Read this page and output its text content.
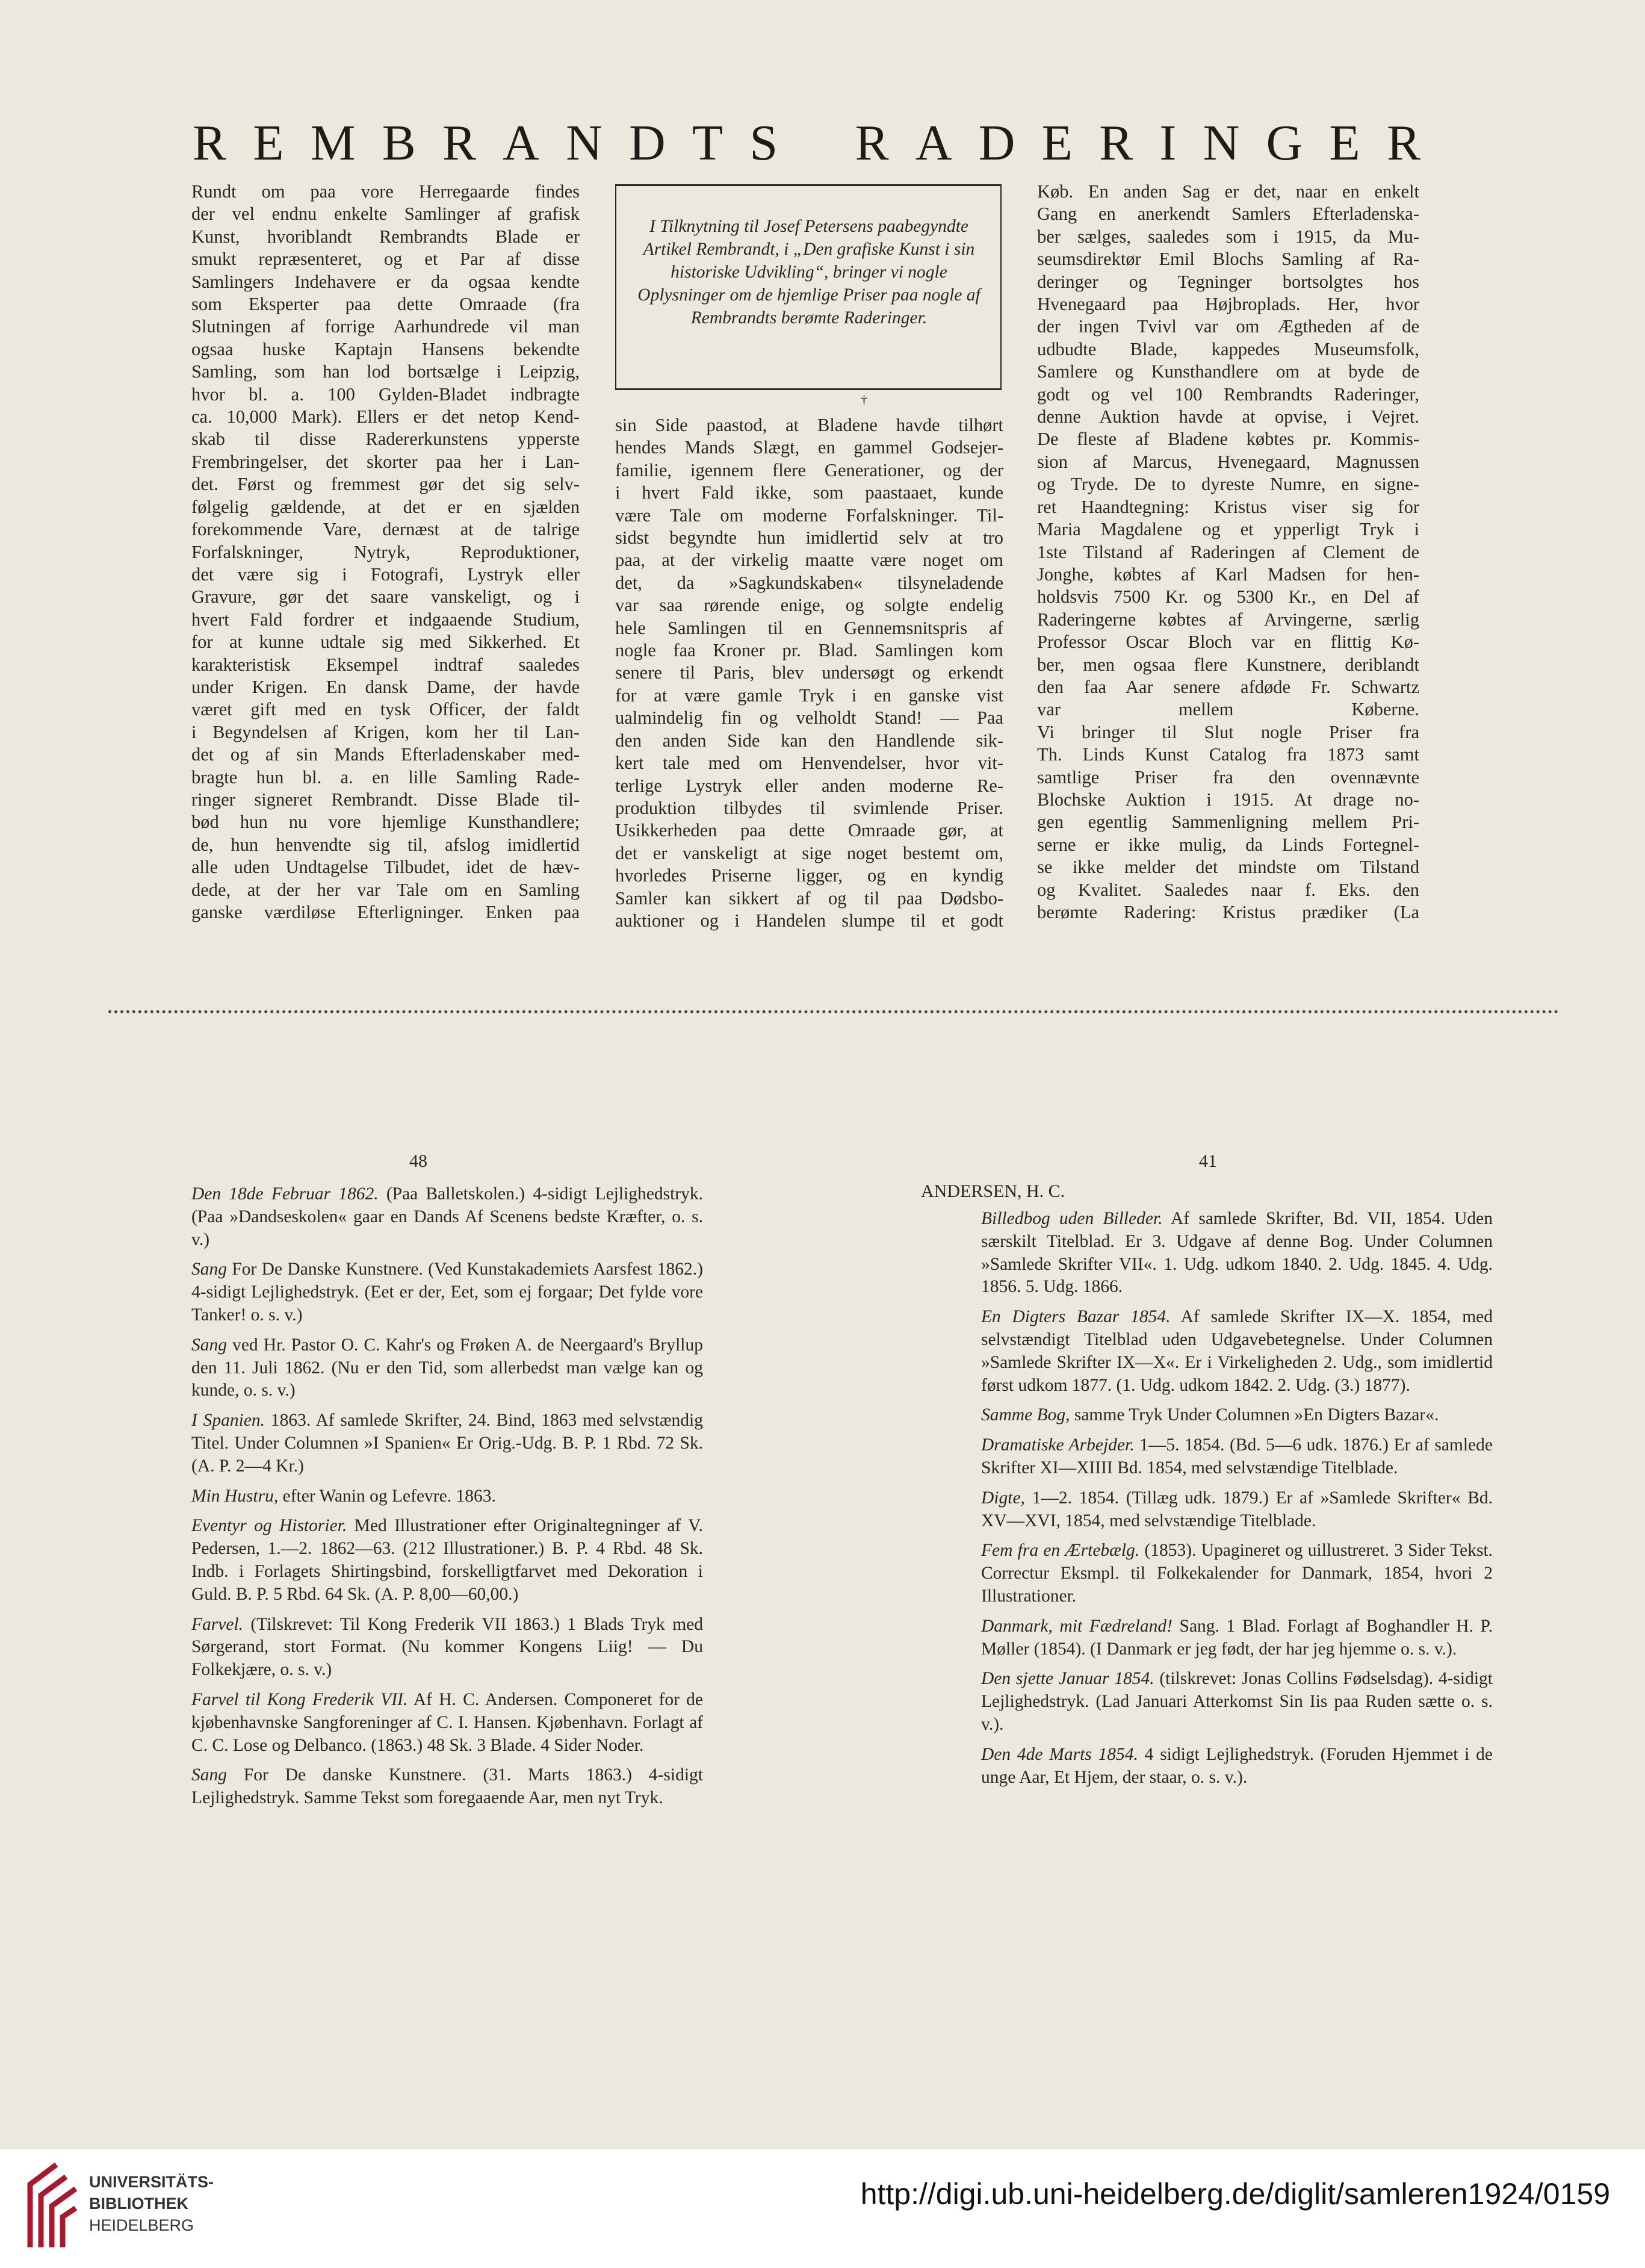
R E M B R A N D T S R A D E R I N G E R

Rundt om paa vore Herregaarde findes

der vel endnu enkelte Samlinger af grafisk

Kunst, hvoriblandt Rembrandts Blade er

smukt repræsenteret, og et Par af disse

Samlingers Indehavere er da ogsaa kendte

som Eksperter paa dette Omraade (fra

Slutningen af forrige Aarhundrede vil man

ogsaa huske Kaptajn Hansens bekendte

Samling, som han lod bortsælge i Leipzig,

hvor bl. a. 100 Gylden-Bladet indbragte

ca. 10,000 Mark). Ellers er det netop Kend-

skab til disse Radererkunstens ypperste

Frembringelser, det skorter paa her i Lan-

det. Først og fremmest gør det sig selv-

følgelig gældende, at det er en sjælden

forekommende Vare, dernæst at de talrige

Forfalskninger, Nytryk, Reproduktioner,

det være sig i Fotografi, Lystryk eller

Gravure, gør det saare vanskeligt, og i

hvert Fald fordrer et indgaaende Studium,

for at kunne udtale sig med Sikkerhed. Et

karakteristisk Eksempel indtraf saaledes

under Krigen. En dansk Dame, der havde

været gift med en tysk Officer, der faldt

i Begyndelsen af Krigen, kom her til Lan-

det og af sin Mands Efterladenskaber med-

bragte hun bl. a. en lille Samling Rade-

ringer signeret Rembrandt. Disse Blade til-

bød hun nu vore hjemlige Kunsthandlere;

de, hun henvendte sig til, afslog imidlertid

alle uden Undtagelse Tilbudet, idet de hæv-

dede, at der her var Tale om en Samling

ganske værdiløse Efterligninger. Enken paa

I Tilknytning til Josef Petersens paabegyndte Artikel Rembrandt, i „Den grafiske Kunst i sin historiske Udvikling“, bringer vi nogle Oplysninger om de hjemlige Priser paa nogle af Rembrandts berømte Raderinger.
†

sin Side paastod, at Bladene havde tilhørt

hendes Mands Slægt, en gammel Godsejer-

familie, igennem flere Generationer, og der

i hvert Fald ikke, som paastaaet, kunde

være Tale om moderne Forfalskninger. Til-

sidst begyndte hun imidlertid selv at tro

paa, at der virkelig maatte være noget om

det, da »Sagkundskaben« tilsyneladende

var saa rørende enige, og solgte endelig

hele Samlingen til en Gennemsnitspris af

nogle faa Kroner pr. Blad. Samlingen kom

senere til Paris, blev undersøgt og erkendt

for at være gamle Tryk i en ganske vist

ualmindelig fin og velholdt Stand! — Paa

den anden Side kan den Handlende sik-

kert tale med om Henvendelser, hvor vit-

terlige Lystryk eller anden moderne Re-

produktion tilbydes til svimlende Priser.

Usikkerheden paa dette Omraade gør, at

det er vanskeligt at sige noget bestemt om,

hvorledes Priserne ligger, og en kyndig

Samler kan sikkert af og til paa Dødsbo-

auktioner og i Handelen slumpe til et godt

Køb. En anden Sag er det, naar en enkelt

Gang en anerkendt Samlers Efterladenska-

ber sælges, saaledes som i 1915, da Mu-

seumsdirektør Emil Blochs Samling af Ra-

deringer og Tegninger bortsolgtes hos

Hvenegaard paa Højbroplads. Her, hvor

der ingen Tvivl var om Ægtheden af de

udbudte Blade, kappedes Museumsfolk,

Samlere og Kunsthandlere om at byde de

godt og vel 100 Rembrandts Raderinger,

denne Auktion havde at opvise, i Vejret.

De fleste af Bladene købtes pr. Kommis-

sion af Marcus, Hvenegaard, Magnussen

og Tryde. De to dyreste Numre, en signe-

ret Haandtegning: Kristus viser sig for

Maria Magdalene og et ypperligt Tryk i

1ste Tilstand af Raderingen af Clement de

Jonghe, købtes af Karl Madsen for hen-

holdsvis 7500 Kr. og 5300 Kr., en Del af

Raderingerne købtes af Arvingerne, særlig

Professor Oscar Bloch var en flittig Kø-

ber, men ogsaa flere Kunstnere, deriblandt

den faa Aar senere afdøde Fr. Schwartz

var mellem Køberne.

Vi bringer til Slut nogle Priser fra

Th. Linds Kunst Catalog fra 1873 samt

samtlige Priser fra den ovennævnte

Blochske Auktion i 1915. At drage no-

gen egentlig Sammenligning mellem Pri-

serne er ikke mulig, da Linds Fortegnel-

se ikke melder det mindste om Tilstand

og Kvalitet. Saaledes naar f. Eks. den

berømte Radering: Kristus prædiker (La

48	41

Den 18de Februar 1862. (Paa Balletskolen.) 4-sidigt Lejlighedstryk. (Paa »Dandseskolen« gaar en Dands Af Scenens bedste Kræfter, o. s. v.)

Sang For De Danske Kunstnere. (Ved Kunstakademiets Aarsfest 1862.) 4-sidigt Lejlighedstryk. (Eet er der, Eet, som ej forgaar; Det fylde vore Tanker! o. s. v.)

Sang ved Hr. Pastor O. C. Kahr's og Frøken A. de Neergaard's Bryllup den 11. Juli 1862. (Nu er den Tid, som allerbedst man vælge kan og kunde, o. s. v.)

I Spanien. 1863. Af samlede Skrifter, 24. Bind, 1863 med selvstændig Titel. Under Columnen »I Spanien« Er Orig.-Udg. B. P. 1 Rbd. 72 Sk. (A. P. 2—4 Kr.)

Min Hustru, efter Wanin og Lefevre. 1863.

Eventyr og Historier. Med Illustrationer efter Originaltegninger af V. Pedersen, 1.—2. 1862—63. (212 Illustrationer.) B. P. 4 Rbd. 48 Sk. Indb. i Forlagets Shirtingsbind, forskelligtfarvet med Dekoration i Guld. B. P. 5 Rbd. 64 Sk. (A. P. 8,00—60,00.)

Farvel. (Tilskrevet: Til Kong Frederik VII 1863.) 1 Blads Tryk med Sørgerand, stort Format. (Nu kommer Kongens Liig! — Du Folkekjære, o. s. v.)

Farvel til Kong Frederik VII. Af H. C. Andersen. Componeret for de kjøbenhavnske Sangforeninger af C. I. Hansen. Kjøbenhavn. Forlagt af C. C. Lose og Delbanco. (1863.) 48 Sk. 3 Blade. 4 Sider Noder.

Sang For De danske Kunstnere. (31. Marts 1863.) 4-sidigt Lejlighedstryk. Samme Tekst som foregaaende Aar, men nyt Tryk.

ANDERSEN, H. C.

Billedbog uden Billeder. Af samlede Skrifter, Bd. VII, 1854. Uden særskilt Titelblad. Er 3. Udgave af denne Bog. Under Columnen »Samlede Skrifter VII«. 1. Udg. udkom 1840. 2. Udg. 1845. 4. Udg. 1856. 5. Udg. 1866.

En Digters Bazar 1854. Af samlede Skrifter IX—X. 1854, med selvstændigt Titelblad uden Udgavebetegnelse. Under Columnen »Samlede Skrifter IX—X«. Er i Virkeligheden 2. Udg., som imidlertid først udkom 1877. (1. Udg. udkom 1842. 2. Udg. (3.) 1877).

Samme Bog, samme Tryk Under Columnen »En Digters Bazar«.

Dramatiske Arbejder. 1—5. 1854. (Bd. 5—6 udk. 1876.) Er af samlede Skrifter XI—XIIII Bd. 1854, med selvstændige Titelblade.

Digte, 1—2. 1854. (Tillæg udk. 1879.) Er af »Samlede Skrifter« Bd. XV—XVI, 1854, med selvstændige Titelblade.

Fem fra en Ærtebælg. (1853). Upagineret og uillustreret. 3 Sider Tekst. Correctur Eksmpl. til Folkekalender for Danmark, 1854, hvori 2 Illustrationer.

Danmark, mit Fædreland! Sang. 1 Blad. Forlagt af Boghandler H. P. Møller (1854). (I Danmark er jeg født, der har jeg hjemme o. s. v.).

Den sjette Januar 1854. (tilskrevet: Jonas Collins Fødselsdag). 4-sidigt Lejlighedstryk. (Lad Januari Atterkomst Sin Iis paa Ruden sætte o. s. v.).

Den 4de Marts 1854. 4 sidigt Lejlighedstryk. (Foruden Hjemmet i de unge Aar, Et Hjem, der staar, o. s. v.).

UNIVERSITÄTS-
BIBLIOTHEK
HEIDELBERG
http://digi.ub.uni-heidelberg.de/diglit/samleren1924/0159
